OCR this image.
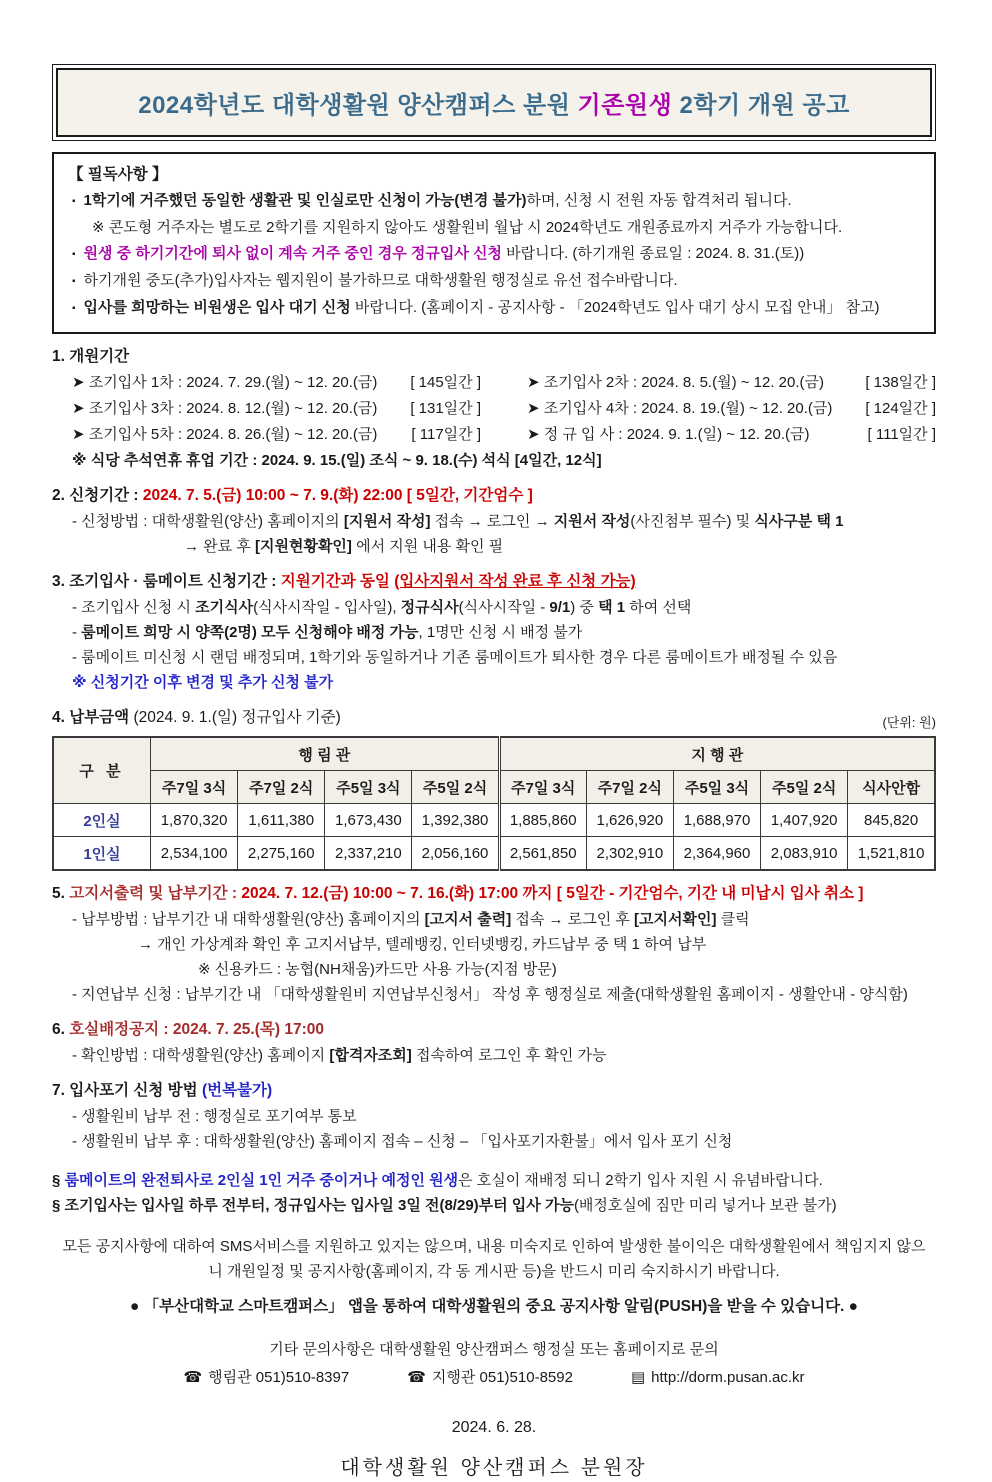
2024학년도 대학생활원 양산캠퍼스 분원 기존원생 2학기 개원 공고
【 필독사항 】
▪ 1학기에 거주했던 동일한 생활관 및 인실로만 신청이 가능(변경 불가)하며, 신청 시 전원 자동 합격처리 됩니다.
※ 콘도형 거주자는 별도로 2학기를 지원하지 않아도 생활원비 월납 시 2024학년도 개원종료까지 거주가 가능합니다.
▪ 원생 중 하기기간에 퇴사 없이 계속 거주 중인 경우 정규입사 신청 바랍니다. (하기개원 종료일 : 2024. 8. 31.(토))
▪ 하기개원 중도(추가)입사자는 웹지원이 불가하므로 대학생활원 행정실로 유선 접수바랍니다.
▪ 입사를 희망하는 비원생은 입사 대기 신청 바랍니다. (홈페이지 - 공지사항 - 「2024학년도 입사 대기 상시 모집 안내」 참고)
1. 개원기간
➤ 조기입사 1차 : 2024. 7. 29.(월) ~ 12. 20.(금) [ 145일간 ]	➤ 조기입사 2차 : 2024. 8. 5.(월) ~ 12. 20.(금)	[ 138일간 ]
➤ 조기입사 3차 : 2024. 8. 12.(월) ~ 12. 20.(금) [ 131일간 ]	➤ 조기입사 4차 : 2024. 8. 19.(월) ~ 12. 20.(금) [ 124일간 ]
➤ 조기입사 5차 : 2024. 8. 26.(월) ~ 12. 20.(금) [ 117일간 ]	➤ 정 규 입 사 : 2024. 9. 1.(일) ~ 12. 20.(금)	[ 111일간 ]
※ 식당 추석연휴 휴업 기간 : 2024. 9. 15.(일) 조식 ~ 9. 18.(수) 석식 [4일간, 12식]
2. 신청기간 : 2024. 7. 5.(금) 10:00 ~ 7. 9.(화) 22:00 [ 5일간, 기간엄수 ]
- 신청방법 : 대학생활원(양산) 홈페이지의 [지원서 작성] 접속 → 로그인 → 지원서 작성(사진첨부 필수) 및 식사구분 택 1
→ 완료 후 [지원현황확인] 에서 지원 내용 확인 필
3. 조기입사 · 룸메이트 신청기간 : 지원기간과 동일 (입사지원서 작성 완료 후 신청 가능)
- 조기입사 신청 시 조기식사(식사시작일 - 입사일), 정규식사(식사시작일 - 9/1) 중 택 1 하여 선택
- 룸메이트 희망 시 양쪽(2명) 모두 신청해야 배정 가능, 1명만 신청 시 배정 불가
- 룸메이트 미신청 시 랜덤 배정되며, 1학기와 동일하거나 기존 룸메이트가 퇴사한 경우 다른 룸메이트가 배정될 수 있음
※ 신청기간 이후 변경 및 추가 신청 불가
4. 납부금액 (2024. 9. 1.(일) 정규입사 기준)	(단위: 원)
구 분	행 림 관				지 행 관				
	주7일 3식	주7일 2식	주5일 3식	주5일 2식	주7일 3식	주7일 2식	주5일 3식	주5일 2식	식사안함
2인실	1,870,320	1,611,380	1,673,430	1,392,380	1,885,860	1,626,920	1,688,970	1,407,920	845,820
1인실	2,534,100	2,275,160	2,337,210	2,056,160	2,561,850	2,302,910	2,364,960	2,083,910	1,521,810
5. 고지서출력 및 납부기간 : 2024. 7. 12.(금) 10:00 ~ 7. 16.(화) 17:00 까지 [ 5일간 - 기간엄수, 기간 내 미납시 입사 취소 ]
- 납부방법 : 납부기간 내 대학생활원(양산) 홈페이지의 [고지서 출력] 접속 → 로그인 후 [고지서확인] 클릭
→ 개인 가상계좌 확인 후 고지서납부, 텔레뱅킹, 인터넷뱅킹, 카드납부 중 택 1 하여 납부
※ 신용카드 : 농협(NH채움)카드만 사용 가능(지점 방문)
- 지연납부 신청 : 납부기간 내 「대학생활원비 지연납부신청서」 작성 후 행정실로 제출(대학생활원 홈페이지 - 생활안내 - 양식함)
6. 호실배정공지 : 2024. 7. 25.(목) 17:00
- 확인방법 : 대학생활원(양산) 홈페이지 [합격자조회] 접속하여 로그인 후 확인 가능
7. 입사포기 신청 방법 (번복불가)
- 생활원비 납부 전 : 행정실로 포기여부 통보
- 생활원비 납부 후 : 대학생활원(양산) 홈페이지 접속 – 신청 – 「입사포기자환불」에서 입사 포기 신청
§ 룸메이트의 완전퇴사로 2인실 1인 거주 중이거나 예정인 원생은 호실이 재배정 되니 2학기 입사 지원 시 유념바랍니다.
§ 조기입사는 입사일 하루 전부터, 정규입사는 입사일 3일 전(8/29)부터 입사 가능(배정호실에 짐만 미리 넣거나 보관 불가)
모든 공지사항에 대하여 SMS서비스를 지원하고 있지는 않으며, 내용 미숙지로 인하여 발생한 불이익은 대학생활원에서 책임지지 않으니 개원일정 및 공지사항(홈페이지, 각 동 게시판 등)을 반드시 미리 숙지하시기 바랍니다.
● 「부산대학교 스마트캠퍼스」 앱을 통하여 대학생활원의 중요 공지사항 알림(PUSH)을 받을 수 있습니다. ●
기타 문의사항은 대학생활원 양산캠퍼스 행정실 또는 홈페이지로 문의
☎ 행림관 051)510-8397	☎ 지행관 051)510-8592	▤ http://dorm.pusan.ac.kr
2024. 6. 28.
대학생활원 양산캠퍼스 분원장
